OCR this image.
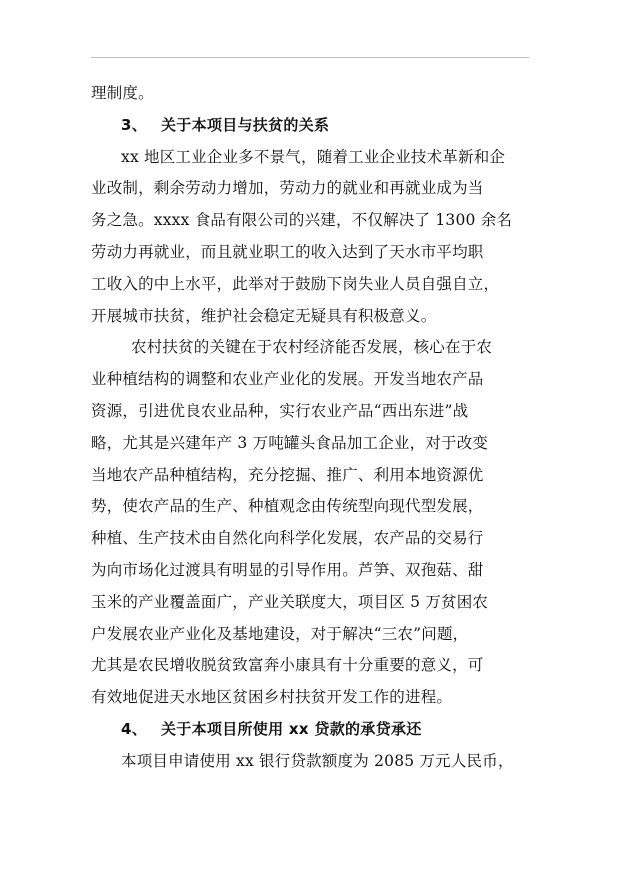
理制度。
3、 关于本项目与扶贫的关系
xx 地区工业企业多不景气，随着工业企业技术革新和企
业改制，剩余劳动力增加，劳动力的就业和再就业成为当
务之急。xxxx 食品有限公司的兴建，不仅解决了 1300 余名
劳动力再就业，而且就业职工的收入达到了天水市平均职
工收入的中上水平，此举对于鼓励下岗失业人员自强自立，
开展城市扶贫，维护社会稳定无疑具有积极意义。
农村扶贫的关键在于农村经济能否发展，核心在于农
业种植结构的调整和农业产业化的发展。开发当地农产品
资源，引进优良农业品种，实行农业产品“西出东进”战
略，尤其是兴建年产 3 万吨罐头食品加工企业，对于改变
当地农产品种植结构，充分挖掘、推广、利用本地资源优
势，使农产品的生产、种植观念由传统型向现代型发展，
种植、生产技术由自然化向科学化发展，农产品的交易行
为向市场化过渡具有明显的引导作用。芦笋、双孢菇、甜
玉米的产业覆盖面广，产业关联度大，项目区 5 万贫困农
户发展农业产业化及基地建设，对于解决“三农”问题，
尤其是农民增收脱贫致富奔小康具有十分重要的意义，可
有效地促进天水地区贫困乡村扶贫开发工作的进程。
4、 关于本项目所使用 xx 贷款的承贷承还
本项目申请使用 xx 银行贷款额度为 2085 万元人民币，
